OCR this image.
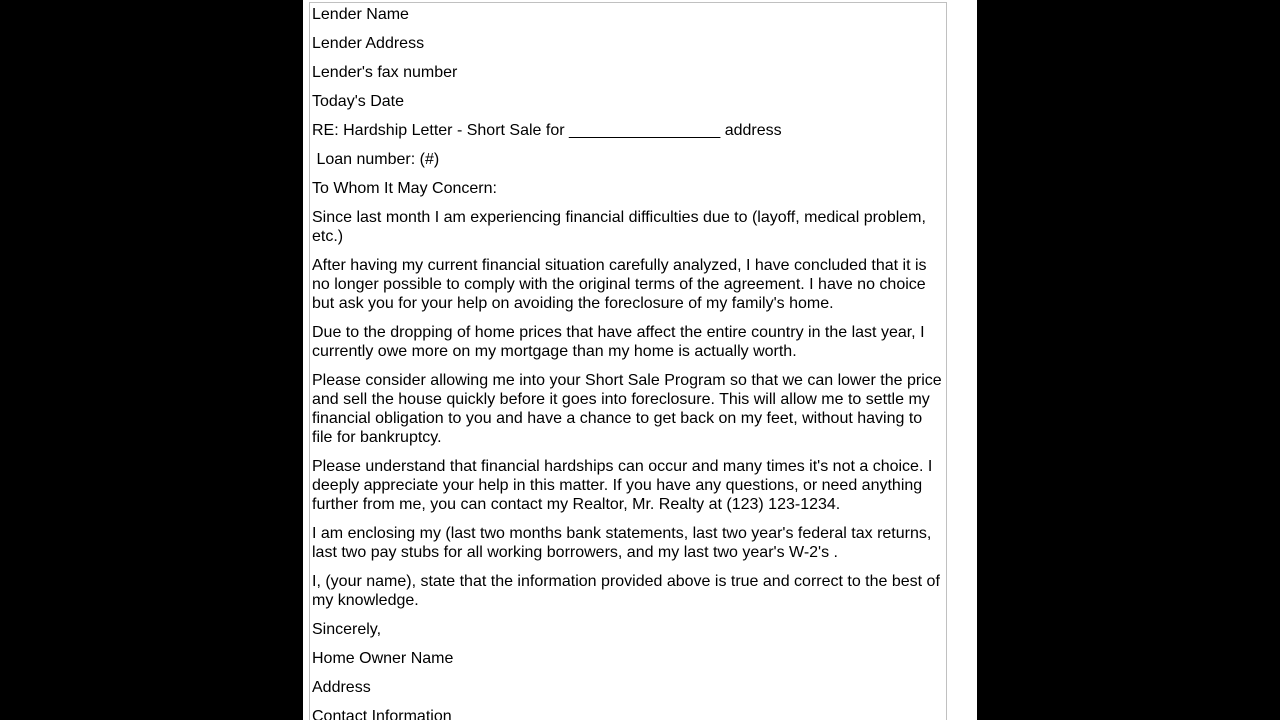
Lender Name

Lender Address

Lender's fax number

Today's Date

RE: Hardship Letter - Short Sale for _________________ address

Loan number: (#)

To Whom It May Concern:

Since last month I am experiencing financial difficulties due to (layoff, medical problem, etc.)

After having my current financial situation carefully analyzed, I have concluded that it is no longer possible to comply with the original terms of the agreement. I have no choice but ask you for your help on avoiding the foreclosure of my family's home.

Due to the dropping of home prices that have affect the entire country in the last year, I currently owe more on my mortgage than my home is actually worth.

Please consider allowing me into your Short Sale Program so that we can lower the price and sell the house quickly before it goes into foreclosure. This will allow me to settle my financial obligation to you and have a chance to get back on my feet, without having to file for bankruptcy.

Please understand that financial hardships can occur and many times it's not a choice. I deeply appreciate your help in this matter. If you have any questions, or need anything further from me, you can contact my Realtor, Mr. Realty at (123) 123-1234.

I am enclosing my (last two months bank statements, last two year's federal tax returns, last two pay stubs for all working borrowers, and my last two year's W-2's .

I, (your name), state that the information provided above is true and correct to the best of my knowledge.

Sincerely,

Home Owner Name

Address

Contact Information
